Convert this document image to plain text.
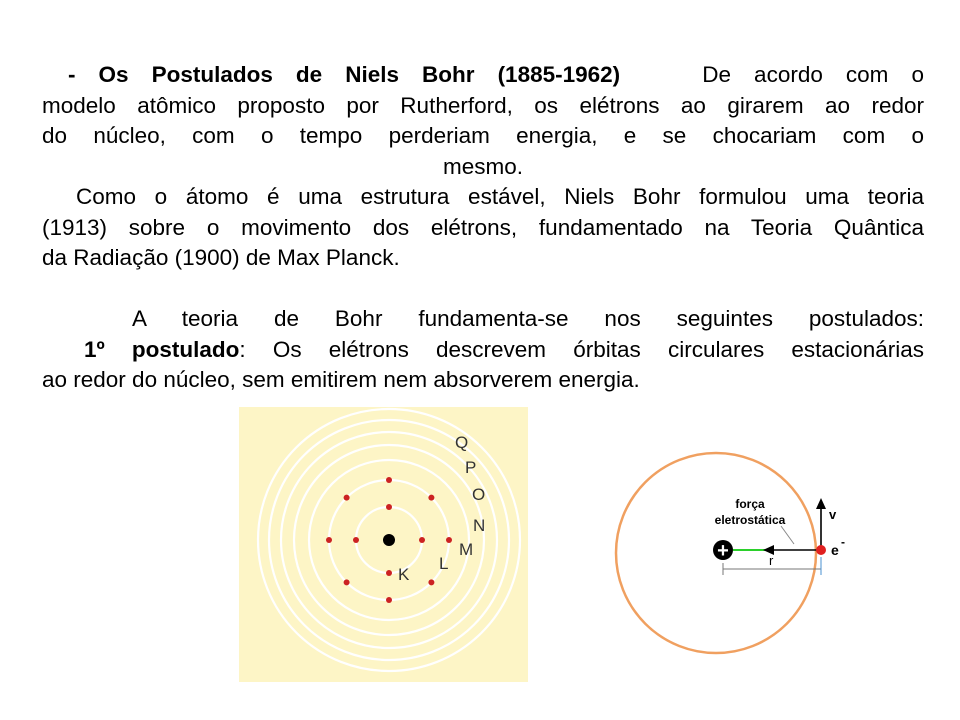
- Os Postulados de Niels Bohr (1885-1962)	De acordo com o
modelo atômico proposto por Rutherford, os elétrons ao girarem ao redor
do núcleo, com o tempo perderiam energia, e se chocariam com o
mesmo.
Como o átomo é uma estrutura estável, Niels Bohr formulou uma teoria
(1913) sobre o movimento dos elétrons, fundamentado na Teoria Quântica
da Radiação (1900) de Max Planck.
A teoria de Bohr fundamenta-se nos seguintes postulados:
1º postulado: Os elétrons descrevem órbitas circulares estacionárias
ao redor do núcleo, sem emitirem nem absorverem energia.
K
L
M
N
O
P
Q
+
força
eletrostática	v
e -
r
